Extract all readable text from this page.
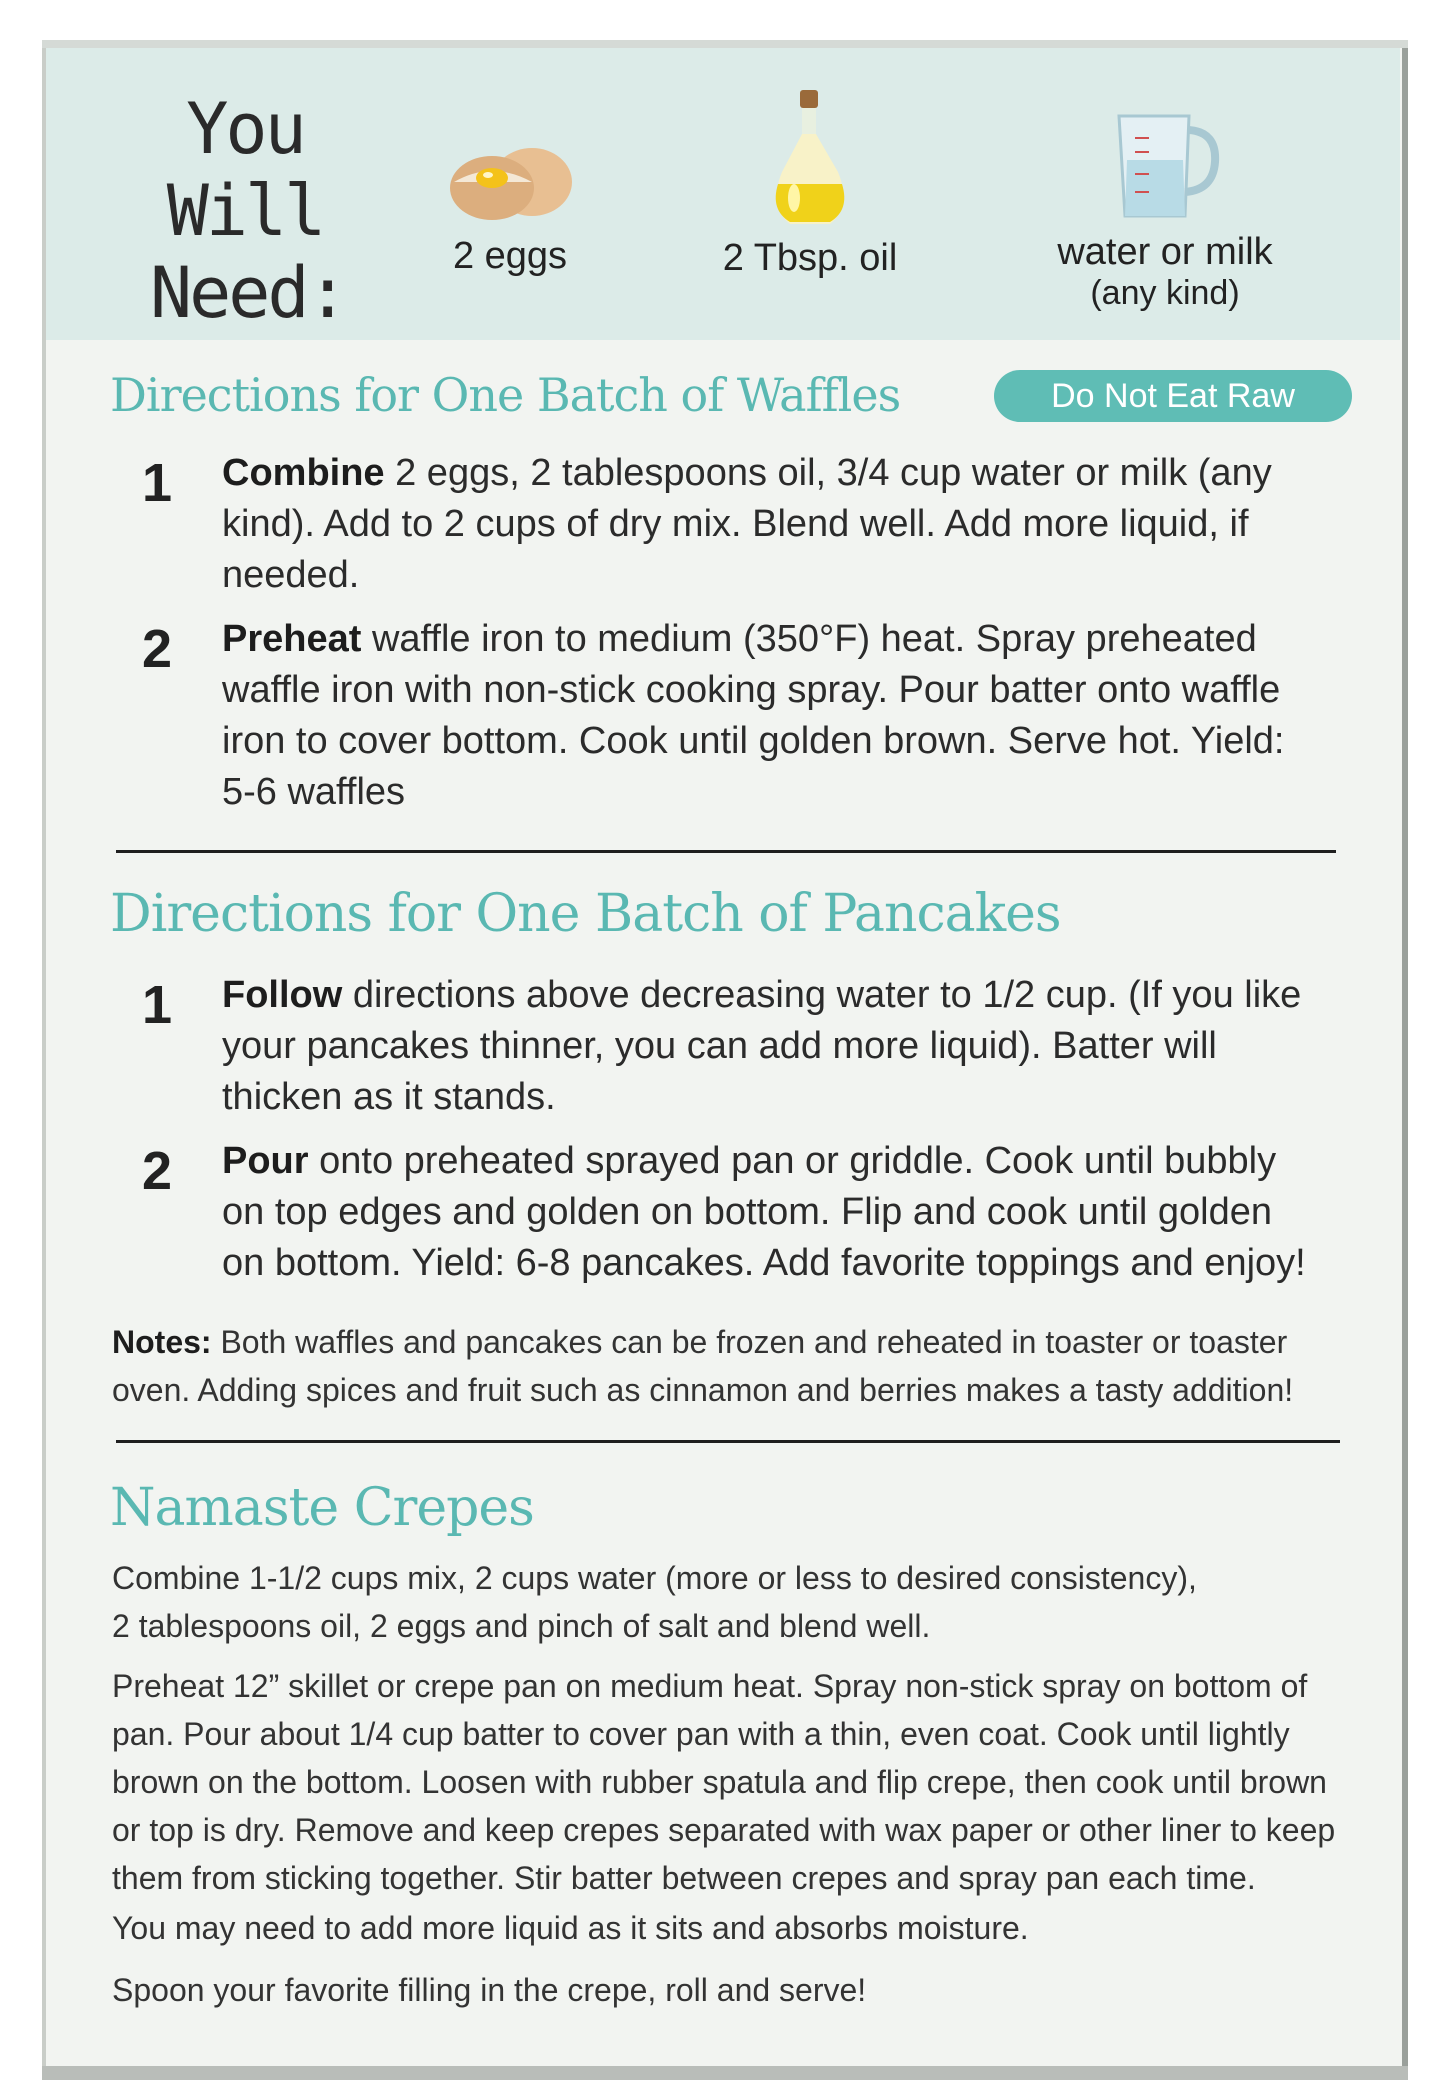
You
Will
Need:	2 eggs	2 Tbsp. oil	water or milk
(any kind)
Directions for One Batch of Waffles	Do Not Eat Raw
1 Combine 2 eggs, 2 tablespoons oil, 3/4 cup water or milk (any kind). Add to 2 cups of dry mix. Blend well. Add more liquid, if needed.
2 Preheat waffle iron to medium (350°F) heat. Spray preheated waffle iron with non-stick cooking spray. Pour batter onto waffle iron to cover bottom. Cook until golden brown. Serve hot. Yield: 5-6 waffles
Directions for One Batch of Pancakes
1 Follow directions above decreasing water to 1/2 cup. (If you like your pancakes thinner, you can add more liquid). Batter will thicken as it stands.
2 Pour onto preheated sprayed pan or griddle. Cook until bubbly on top edges and golden on bottom. Flip and cook until golden on bottom. Yield: 6-8 pancakes. Add favorite toppings and enjoy!
Notes: Both waffles and pancakes can be frozen and reheated in toaster or toaster oven. Adding spices and fruit such as cinnamon and berries makes a tasty addition!
Namaste Crepes
Combine 1-1/2 cups mix, 2 cups water (more or less to desired consistency), 2 tablespoons oil, 2 eggs and pinch of salt and blend well.
Preheat 12” skillet or crepe pan on medium heat. Spray non-stick spray on bottom of pan. Pour about 1/4 cup batter to cover pan with a thin, even coat. Cook until lightly brown on the bottom. Loosen with rubber spatula and flip crepe, then cook until brown or top is dry. Remove and keep crepes separated with wax paper or other liner to keep them from sticking together. Stir batter between crepes and spray pan each time.
You may need to add more liquid as it sits and absorbs moisture.
Spoon your favorite filling in the crepe, roll and serve!
